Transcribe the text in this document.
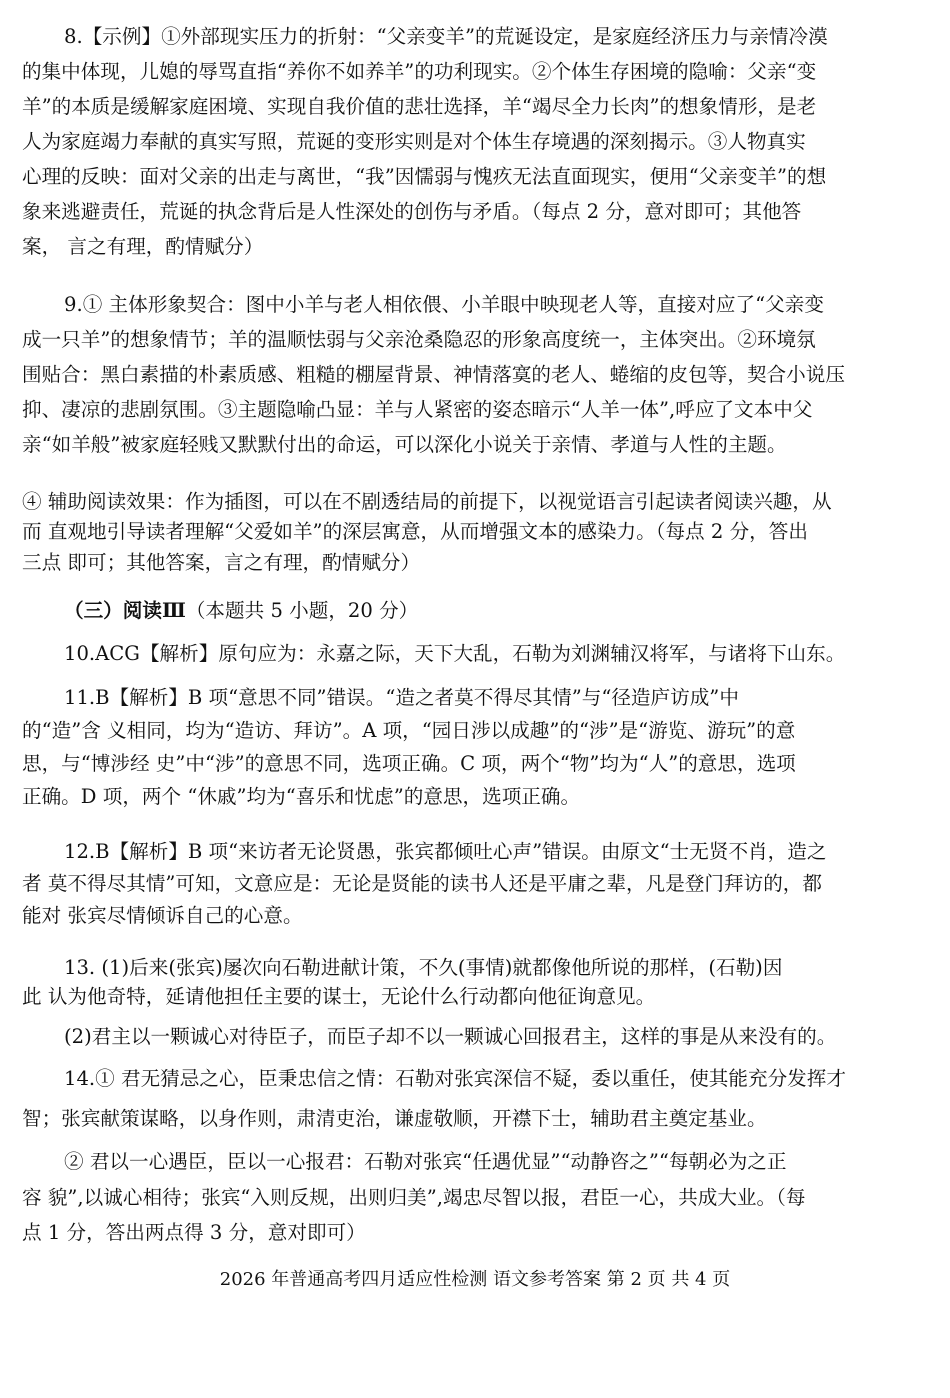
8.【示例】①外部现实压力的折射：“父亲变羊”的荒诞设定，是家庭经济压力与亲情冷漠
的集中体现，儿媳的辱骂直指“养你不如养羊”的功利现实。②个体生存困境的隐喻：父亲“变
羊”的本质是缓解家庭困境、实现自我价值的悲壮选择，羊“竭尽全力长肉”的想象情形，是老
人为家庭竭力奉献的真实写照，荒诞的变形实则是对个体生存境遇的深刻揭示。③人物真实
心理的反映：面对父亲的出走与离世，“我”因懦弱与愧疚无法直面现实，便用“父亲变羊”的想
象来逃避责任，荒诞的执念背后是人性深处的创伤与矛盾。（每点 2 分，意对即可；其他答
案， 言之有理，酌情赋分）
9.① 主体形象契合：图中小羊与老人相依偎、小羊眼中映现老人等，直接对应了“父亲变
成一只羊”的想象情节；羊的温顺怯弱与父亲沧桑隐忍的形象高度统一，主体突出。②环境氛
围贴合：黑白素描的朴素质感、粗糙的棚屋背景、神情落寞的老人、蜷缩的皮包等，契合小说压
抑、凄凉的悲剧氛围。③主题隐喻凸显：羊与人紧密的姿态暗示“人羊一体”,呼应了文本中父
亲“如羊般”被家庭轻贱又默默付出的命运，可以深化小说关于亲情、孝道与人性的主题。
④ 辅助阅读效果：作为插图，可以在不剧透结局的前提下，以视觉语言引起读者阅读兴趣，从
而 直观地引导读者理解“父爱如羊”的深层寓意，从而增强文本的感染力。（每点 2 分，答出
三点 即可；其他答案，言之有理，酌情赋分）
（三）阅读Ⅲ（本题共 5 小题，20 分）
10.ACG【解析】原句应为：永嘉之际，天下大乱，石勒为刘渊辅汉将军，与诸将下山东。
11.B【解析】B 项“意思不同”错误。“造之者莫不得尽其情”与“径造庐访成”中
的“造”含 义相同，均为“造访、拜访”。A 项，“园日涉以成趣”的“涉”是“游览、游玩”的意
思，与“博涉经 史”中“涉”的意思不同，选项正确。C 项，两个“物”均为“人”的意思，选项
正确。D 项，两个 “休戚”均为“喜乐和忧虑”的意思，选项正确。
12.B【解析】B 项“来访者无论贤愚，张宾都倾吐心声”错误。由原文“士无贤不肖，造之
者 莫不得尽其情”可知，文意应是：无论是贤能的读书人还是平庸之辈，凡是登门拜访的，都
能对 张宾尽情倾诉自己的心意。
13. (1)后来(张宾)屡次向石勒进献计策，不久(事情)就都像他所说的那样，(石勒)因
此 认为他奇特，延请他担任主要的谋士，无论什么行动都向他征询意见。
(2)君主以一颗诚心对待臣子，而臣子却不以一颗诚心回报君主，这样的事是从来没有的。
14.① 君无猜忌之心，臣秉忠信之情：石勒对张宾深信不疑，委以重任，使其能充分发挥才
智；张宾献策谋略，以身作则，肃清吏治，谦虚敬顺，开襟下士，辅助君主奠定基业。
② 君以一心遇臣，臣以一心报君：石勒对张宾“任遇优显”“动静咨之”“每朝必为之正
容 貌”,以诚心相待；张宾“入则反规，出则归美”,竭忠尽智以报，君臣一心，共成大业。（每
点 1 分，答出两点得 3 分，意对即可）
2026 年普通高考四月适应性检测 语文参考答案 第 2 页 共 4 页
